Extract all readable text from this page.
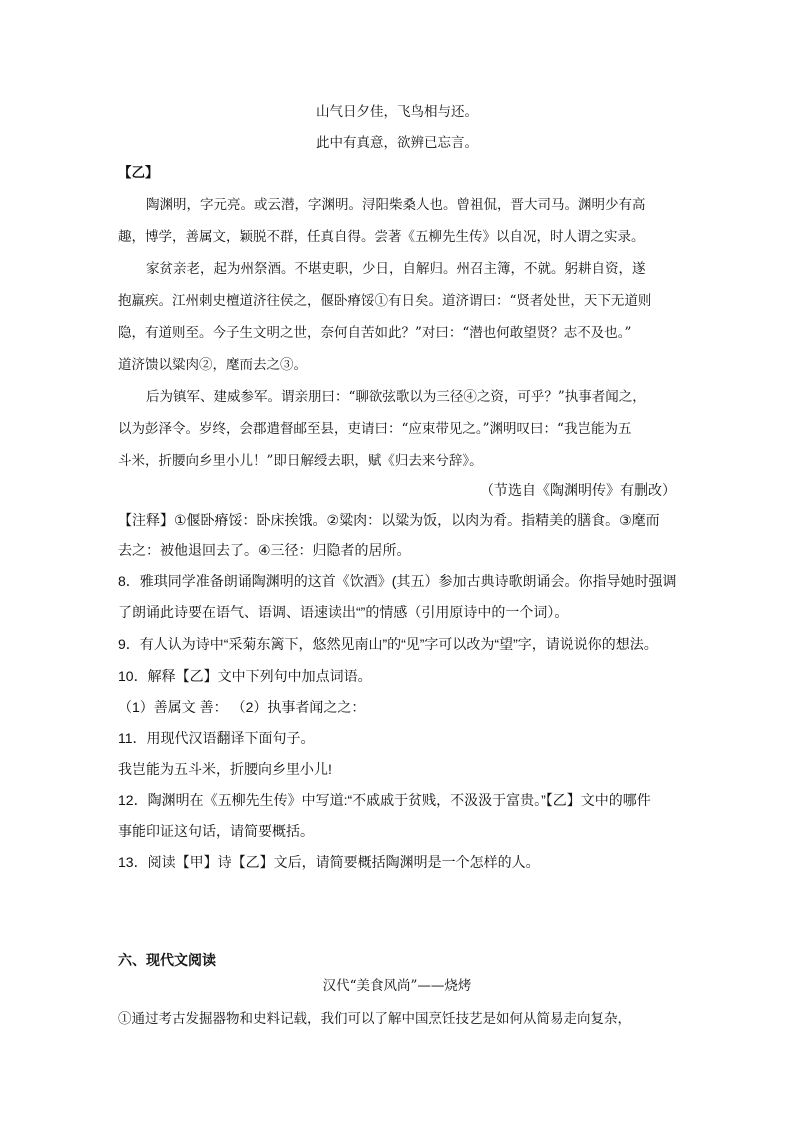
山气日夕佳，飞鸟相与还。
此中有真意，欲辨已忘言。
【乙】
陶渊明，字元亮。或云潜，字渊明。浔阳柴桑人也。曾祖侃，晋大司马。渊明少有高
趣，博学，善属文，颖脱不群，任真自得。尝著《五柳先生传》以自况，时人谓之实录。
家贫亲老，起为州祭酒。不堪吏职，少日，自解归。州召主簿，不就。躬耕自资，遂
抱羸疾。江州刺史檀道济往侯之，偃卧瘠馁①有日矣。道济谓曰：“贤者处世，天下无道则
隐，有道则至。今子生文明之世，奈何自苦如此？”对曰：“潜也何敢望贤？志不及也。”
道济馈以粱肉②，麾而去之③。
后为镇军、建威参军。谓亲朋曰：“聊欲弦歌以为三径④之资，可乎？”执事者闻之，
以为彭泽令。岁终，会郡遣督邮至县，吏请曰：“应束带见之。”渊明叹曰：“我岂能为五
斗米，折腰向乡里小儿！”即日解绶去职，赋《归去来兮辞》。
（节选自《陶渊明传》有删改）
【注释】①偃卧瘠馁：卧床挨饿。②粱肉：以粱为饭，以肉为肴。指精美的膳食。③麾而
去之：被他退回去了。④三径：归隐者的居所。
8．雅琪同学准备朗诵陶渊明的这首《饮酒》(其五）参加古典诗歌朗诵会。你指导她时强调
了朗诵此诗要在语气、语调、语速读出“”的情感（引用原诗中的一个词）。
9．有人认为诗中“采菊东篱下，悠然见南山”的“见”字可以改为“望”字，请说说你的想法。
10．解释【乙】文中下列句中加点词语。
（1）善属文 善： （2）执事者闻之之：
11．用现代汉语翻译下面句子。
我岂能为五斗米，折腰向乡里小儿!
12．陶渊明在《五柳先生传》中写道:“不戚戚于贫贱，不汲汲于富贵。”【乙】文中的哪件
事能印证这句话，请简要概括。
13．阅读【甲】诗【乙】文后，请简要概括陶渊明是一个怎样的人。
六、现代文阅读
汉代“美食风尚”——烧烤
①通过考古发掘器物和史料记载，我们可以了解中国烹饪技艺是如何从简易走向复杂，
